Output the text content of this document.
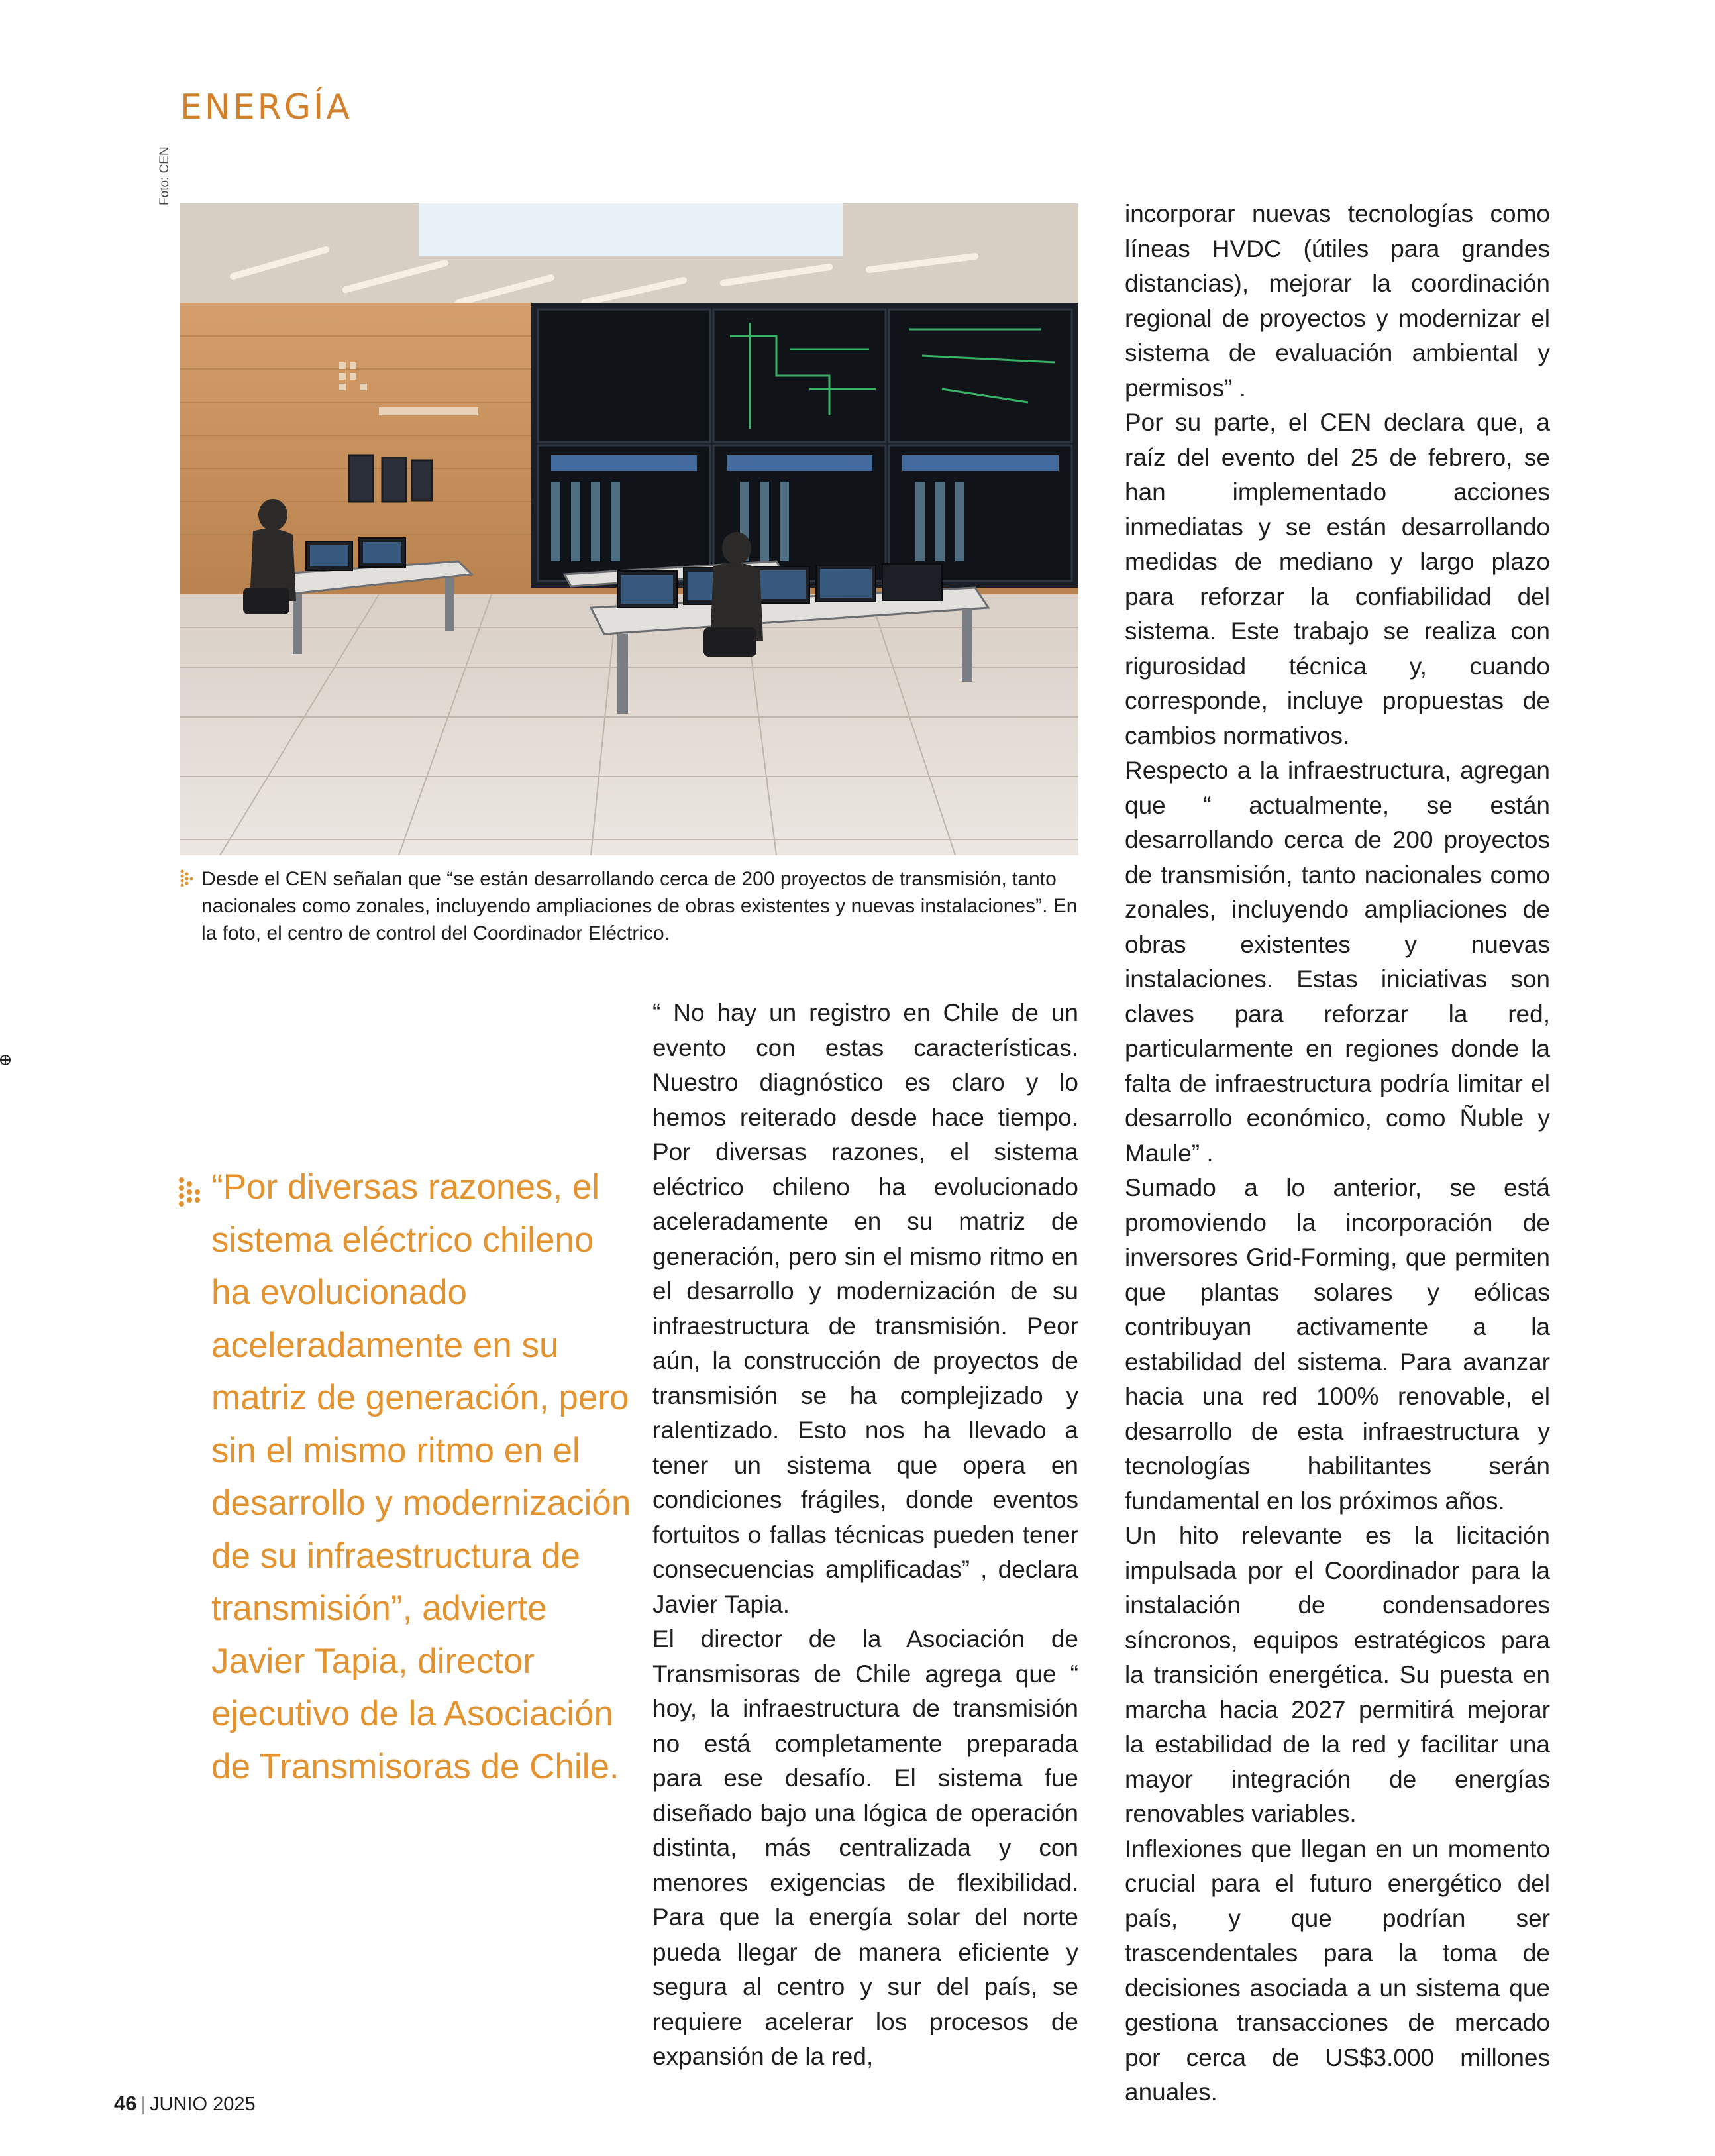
ENERGÍA
Foto: CEN

Desde el CEN señalan que “se están desarrollando cerca de 200 proyectos de transmisión, tanto nacionales como zonales, incluyendo ampliaciones de obras existentes y nuevas instalaciones”. En la foto, el centro de control del Coordinador Eléctrico.

“Por diversas razones, el sistema eléctrico chileno ha evolucionado aceleradamente en su matriz de generación, pero sin el mismo ritmo en el desarrollo y modernización de su infraestructura de transmisión”, advierte Javier Tapia, director ejecutivo de la Asociación de Transmisoras de Chile.

“ No hay un registro en Chile de un evento con estas características. Nuestro diagnóstico es claro y lo hemos reiterado desde hace tiempo. Por diversas razones, el sistema eléctrico chileno ha evolucionado aceleradamente en su matriz de generación, pero sin el mismo ritmo en el desarrollo y modernización de su infraestructura de transmisión. Peor aún, la construcción de proyectos de transmisión se ha complejizado y ralentizado. Esto nos ha llevado a tener un sistema que opera en condiciones frágiles, donde eventos fortuitos o fallas técnicas pueden tener consecuencias amplificadas” , declara Javier Tapia.

El director de la Asociación de Transmisoras de Chile agrega que “ hoy, la infraestructura de transmisión no está completamente preparada para ese desafío. El sistema fue diseñado bajo una lógica de operación distinta, más centralizada y con menores exigencias de flexibilidad. Para que la energía solar del norte pueda llegar de manera eficiente y segura al centro y sur del país, se requiere acelerar los procesos de expansión de la red,

incorporar nuevas tecnologías como líneas HVDC (útiles para grandes distancias), mejorar la coordinación regional de proyectos y modernizar el sistema de evaluación ambiental y permisos” .

Por su parte, el CEN declara que, a raíz del evento del 25 de febrero, se han implementado acciones inmediatas y se están desarrollando medidas de mediano y largo plazo para reforzar la confiabilidad del sistema. Este trabajo se realiza con rigurosidad técnica y, cuando corresponde, incluye propuestas de cambios normativos.

Respecto a la infraestructura, agregan que “ actualmente, se están desarrollando cerca de 200 proyectos de transmisión, tanto nacionales como zonales, incluyendo ampliaciones de obras existentes y nuevas instalaciones. Estas iniciativas son claves para reforzar la red, particularmente en regiones donde la falta de infraestructura podría limitar el desarrollo económico, como Ñuble y Maule” .

Sumado a lo anterior, se está promoviendo la incorporación de inversores Grid-Forming, que permiten que plantas solares y eólicas contribuyan activamente a la estabilidad del sistema. Para avanzar hacia una red 100% renovable, el desarrollo de esta infraestructura y tecnologías habilitantes serán fundamental en los próximos años.

Un hito relevante es la licitación impulsada por el Coordinador para la instalación de condensadores síncronos, equipos estratégicos para la transición energética. Su puesta en marcha hacia 2027 permitirá mejorar la estabilidad de la red y facilitar una mayor integración de energías renovables variables.

Inflexiones que llegan en un momento crucial para el futuro energético del país, y que podrían ser trascendentales para la toma de decisiones asociada a un sistema que gestiona transacciones de mercado por cerca de US$3.000 millones anuales.

46 | JUNIO 2025
